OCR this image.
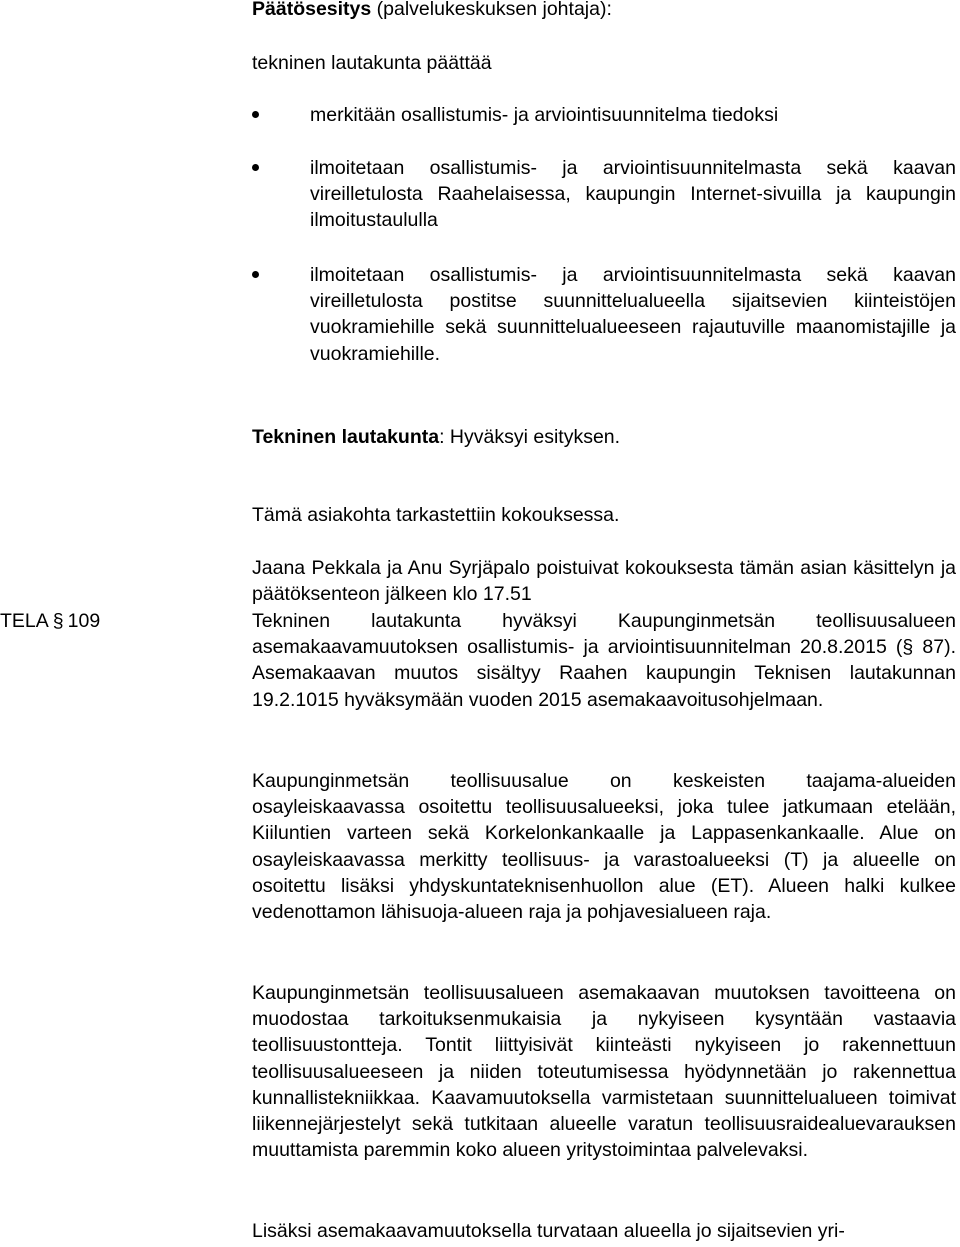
Päätösesitys (palvelukeskuksen johtaja):

tekninen lautakunta päättää

merkitään osallistumis- ja arviointisuunnitelma tiedoksi
ilmoitetaan osallistumis- ja arviointisuunnitelmasta sekä kaavan vireilletulosta Raahelaisessa, kaupungin Internet-sivuilla ja kaupungin ilmoitustaululla
ilmoitetaan osallistumis- ja arviointisuunnitelmasta sekä kaavan vireilletulosta postitse suunnittelualueella sijaitsevien kiinteistöjen vuokramiehille sekä suunnittelualueeseen rajautuville maanomistajille ja vuokramiehille.

Tekninen lautakunta: Hyväksyi esityksen.

Tämä asiakohta tarkastettiin kokouksessa.

TELA § 109

Jaana Pekkala ja Anu Syrjäpalo poistuivat kokouksesta tämän asian käsittelyn ja päätöksenteon jälkeen klo 17.51

Tekninen lautakunta hyväksyi Kaupunginmetsän teollisuusalueen asemakaavamuutoksen osallistumis- ja arviointisuunnitelman 20.8.2015 (§ 87). Asemakaavan muutos sisältyy Raahen kaupungin Teknisen lautakunnan 19.2.1015 hyväksymään vuoden 2015 asemakaavoitusohjelmaan.

Kaupunginmetsän teollisuusalue on keskeisten taajama-alueiden osayleiskaavassa osoitettu teollisuusalueeksi, joka tulee jatkumaan etelään, Kiiluntien varteen sekä Korkelonkankaalle ja Lappasenkankaalle. Alue on osayleiskaavassa merkitty teollisuus- ja varastoalueeksi (T) ja alueelle on osoitettu lisäksi yhdyskuntateknisenhuollon alue (ET). Alueen halki kulkee vedenottamon lähisuoja-alueen raja ja pohjavesialueen raja.

Kaupunginmetsän teollisuusalueen asemakaavan muutoksen tavoitteena on muodostaa tarkoituksenmukaisia ja nykyiseen kysyntään vastaavia teollisuustontteja. Tontit liittyisivät kiinteästi nykyiseen jo rakennettuun teollisuusalueeseen ja niiden toteutumisessa hyödynnetään jo rakennettua kunnallistekniikkaa. Kaavamuutoksella varmistetaan suunnittelualueen toimivat liikennejärjestelyt sekä tutkitaan alueelle varatun teollisuusraidealuevarauksen muuttamista paremmin koko alueen yritystoimintaa palvelevaksi.

Lisäksi asemakaavamuutoksella turvataan alueella jo sijaitsevien yri-
